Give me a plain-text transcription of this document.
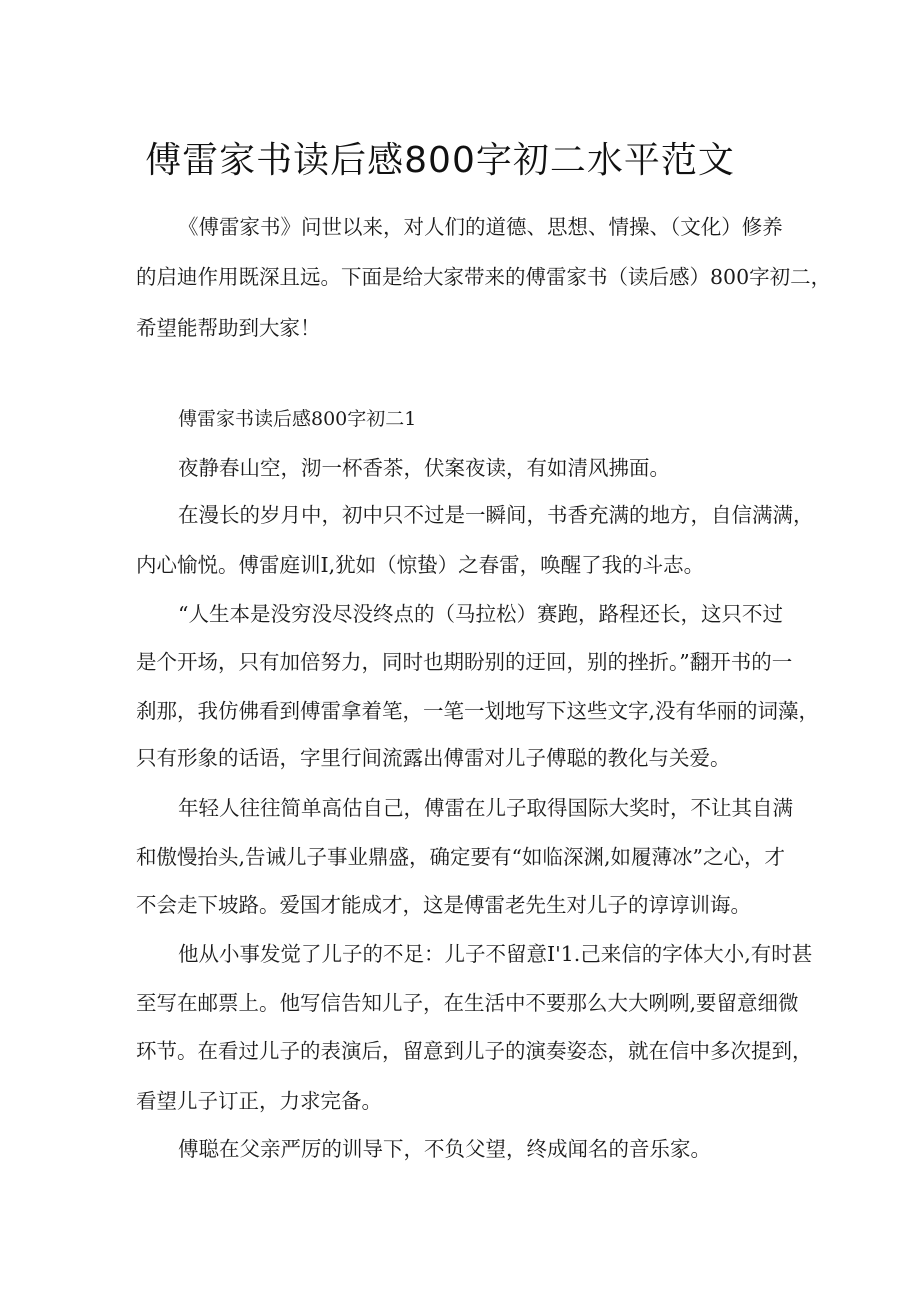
傅雷家书读后感800字初二水平范文

《傅雷家书》问世以来，对人们的道德、思想、情操、（文化）修养

的启迪作用既深且远。下面是给大家带来的傅雷家书（读后感）800字初二，

希望能帮助到大家！

傅雷家书读后感800字初二1

夜静春山空，沏一杯香茶，伏案夜读，有如清风拂面。

在漫长的岁月中，初中只不过是一瞬间，书香充满的地方，自信满满，

内心愉悦。傅雷庭训I,犹如（惊蛰）之春雷，唤醒了我的斗志。

“人生本是没穷没尽没终点的（马拉松）赛跑，路程还长，这只不过

是个开场，只有加倍努力，同时也期盼别的迂回，别的挫折。”翻开书的一

刹那，我仿佛看到傅雷拿着笔，一笔一划地写下这些文字,没有华丽的词藻，

只有形象的话语，字里行间流露出傅雷对儿子傅聪的教化与关爱。

年轻人往往简单高估自己，傅雷在儿子取得国际大奖时，不让其自满

和傲慢抬头,告诫儿子事业鼎盛，确定要有“如临深渊,如履薄冰”之心，才

不会走下坡路。爱国才能成才，这是傅雷老先生对儿子的谆谆训诲。

他从小事发觉了儿子的不足：儿子不留意I'1.己来信的字体大小,有时甚

至写在邮票上。他写信告知儿子，在生活中不要那么大大咧咧,要留意细微

环节。在看过儿子的表演后，留意到儿子的演奏姿态，就在信中多次提到，

看望儿子订正，力求完备。

傅聪在父亲严厉的训导下，不负父望，终成闻名的音乐家。
